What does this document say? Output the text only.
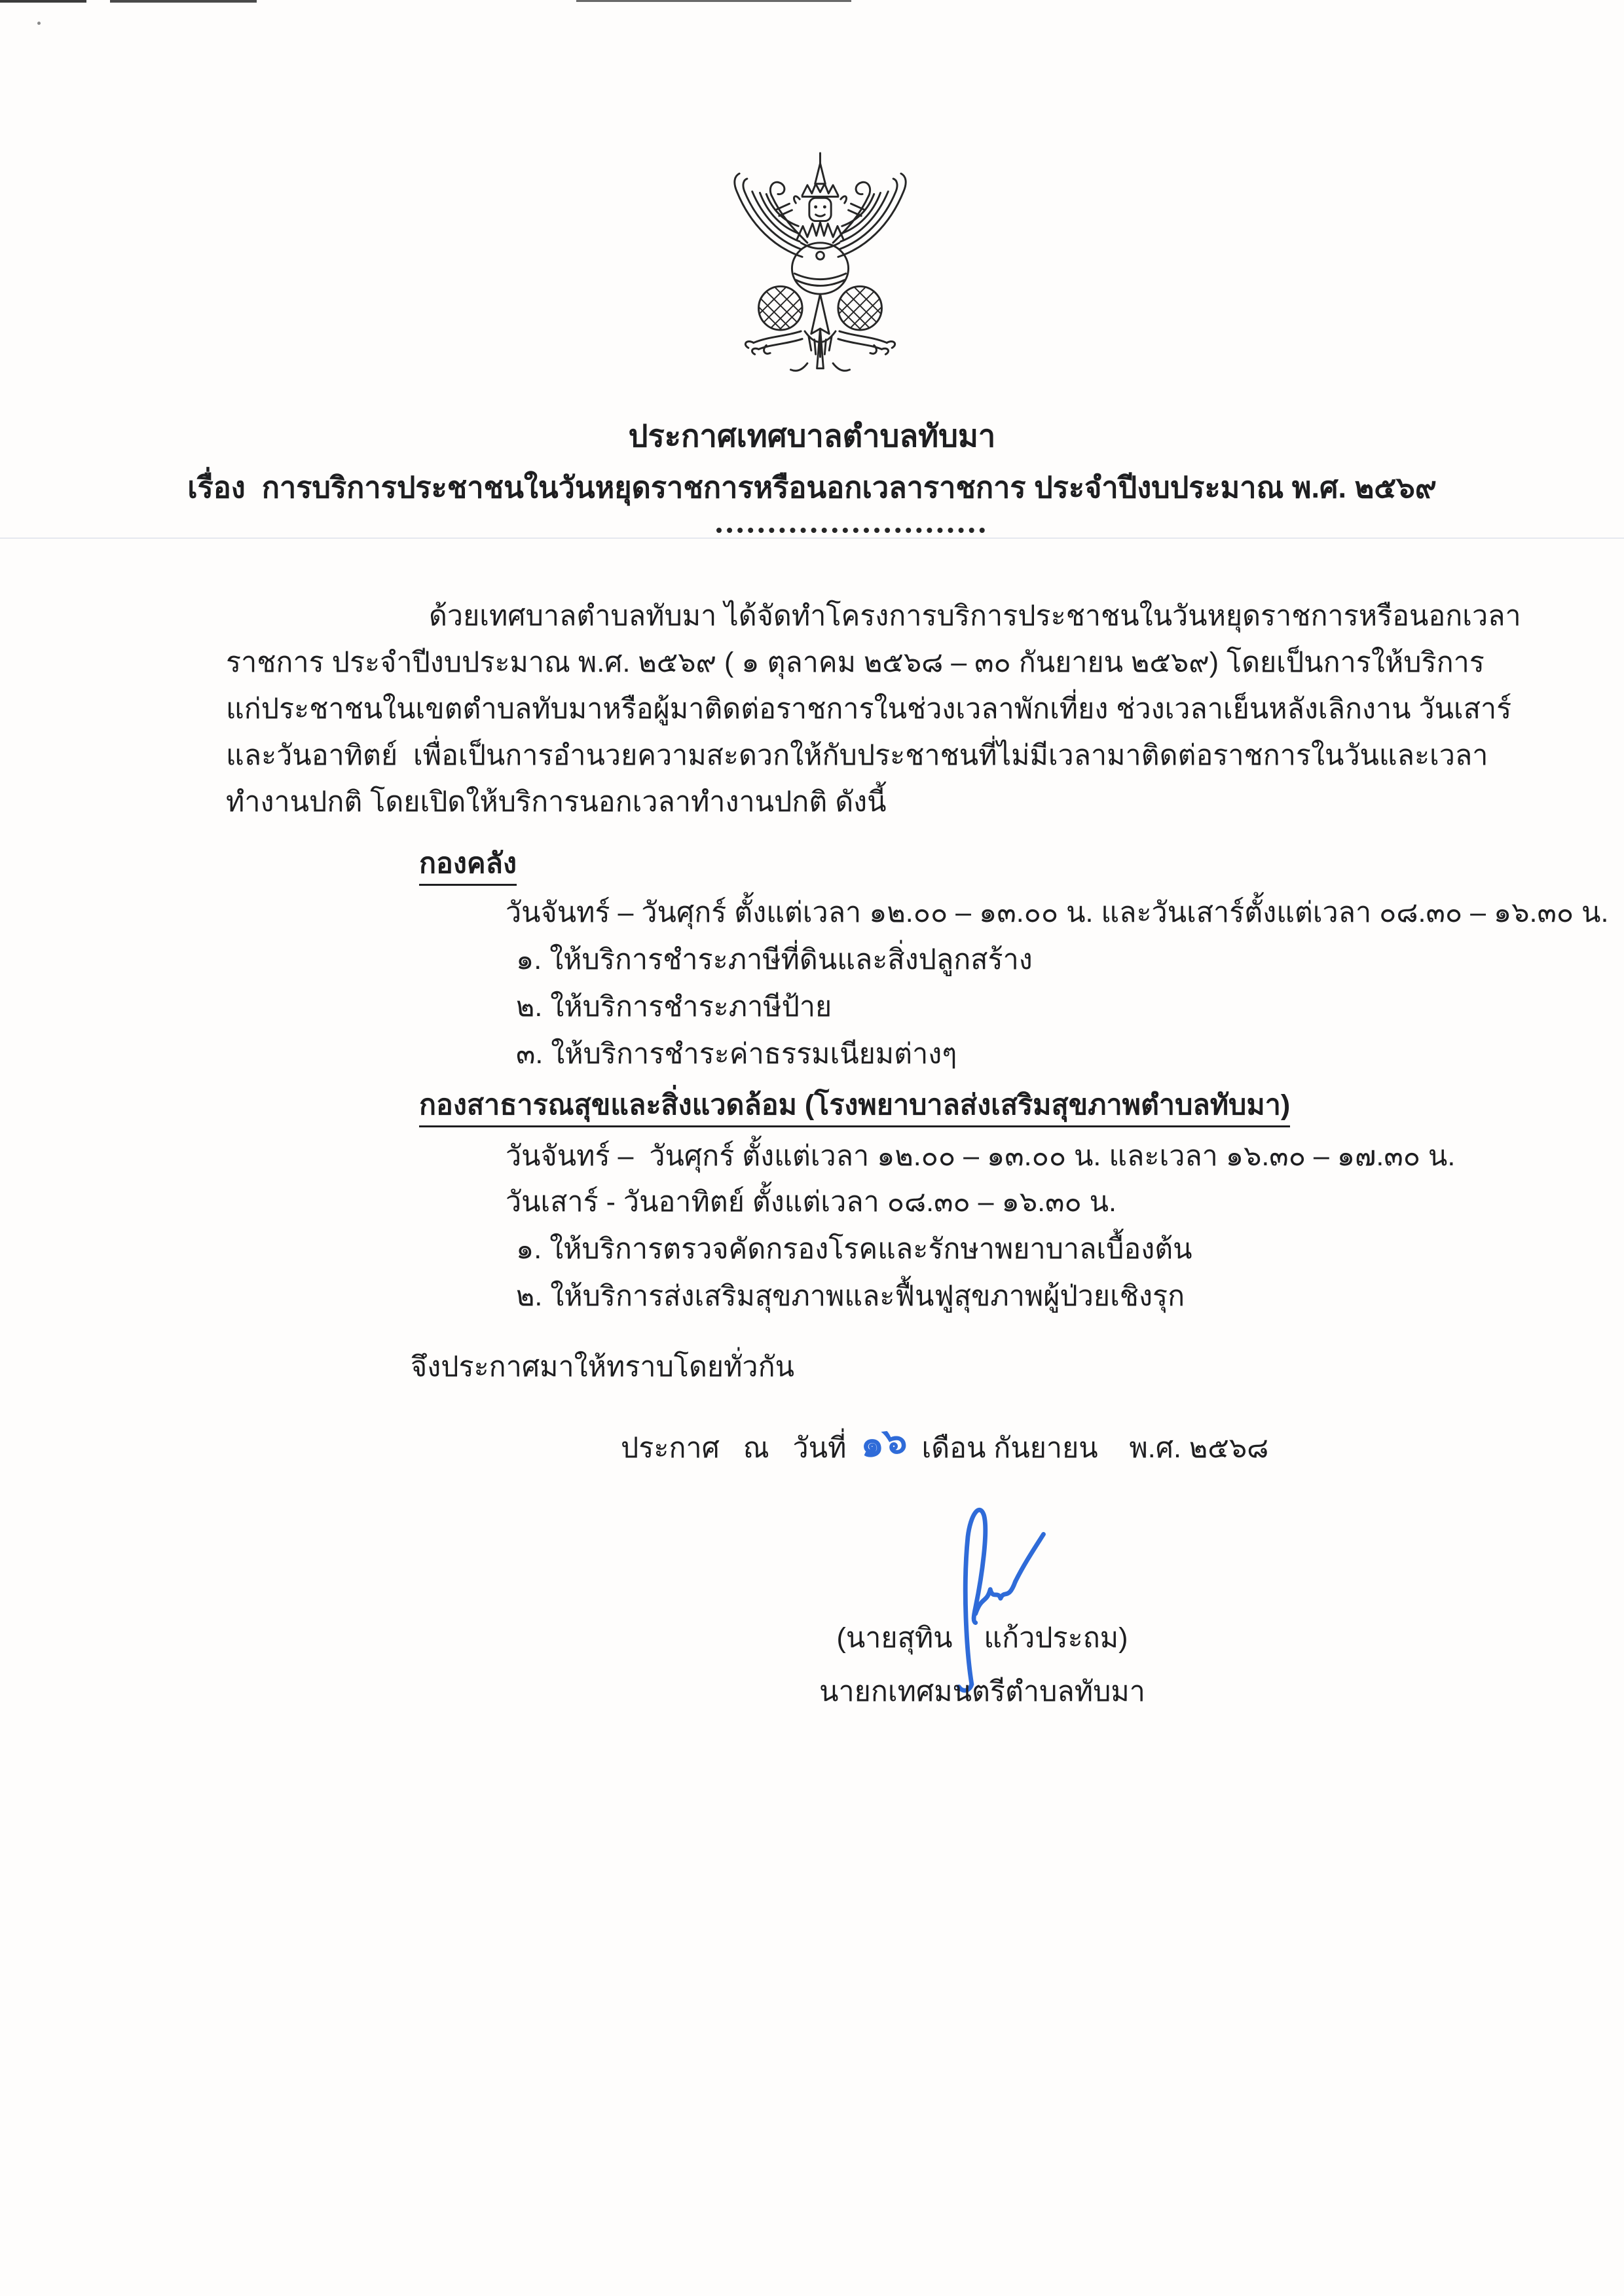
ประกาศเทศบาลตำบลทับมา
เรื่อง  การบริการประชาชนในวันหยุดราชการหรือนอกเวลาราชการ ประจำปีงบประมาณ พ.ศ. ๒๕๖๙
ด้วยเทศบาลตำบลทับมา ได้จัดทำโครงการบริการประชาชนในวันหยุดราชการหรือนอกเวลา
ราชการ ประจำปีงบประมาณ พ.ศ. ๒๕๖๙ ( ๑ ตุลาคม ๒๕๖๘ – ๓๐ กันยายน ๒๕๖๙) โดยเป็นการให้บริการ
แก่ประชาชนในเขตตำบลทับมาหรือผู้มาติดต่อราชการในช่วงเวลาพักเที่ยง ช่วงเวลาเย็นหลังเลิกงาน วันเสาร์
และวันอาทิตย์  เพื่อเป็นการอำนวยความสะดวกให้กับประชาชนที่ไม่มีเวลามาติดต่อราชการในวันและเวลา
ทำงานปกติ โดยเปิดให้บริการนอกเวลาทำงานปกติ ดังนี้
กองคลัง
วันจันทร์ – วันศุกร์ ตั้งแต่เวลา ๑๒.๐๐ – ๑๓.๐๐ น. และวันเสาร์ตั้งแต่เวลา ๐๘.๓๐ – ๑๖.๓๐ น.
๑. ให้บริการชำระภาษีที่ดินและสิ่งปลูกสร้าง
๒. ให้บริการชำระภาษีป้าย
๓. ให้บริการชำระค่าธรรมเนียมต่างๆ
กองสาธารณสุขและสิ่งแวดล้อม (โรงพยาบาลส่งเสริมสุขภาพตำบลทับมา)
วันจันทร์ –  วันศุกร์ ตั้งแต่เวลา ๑๒.๐๐ – ๑๓.๐๐ น. และเวลา ๑๖.๓๐ – ๑๗.๓๐ น.
วันเสาร์ - วันอาทิตย์ ตั้งแต่เวลา ๐๘.๓๐ – ๑๖.๓๐ น.
๑. ให้บริการตรวจคัดกรองโรคและรักษาพยาบาลเบื้องต้น
๒. ให้บริการส่งเสริมสุขภาพและฟื้นฟูสุขภาพผู้ป่วยเชิงรุก
จึงประกาศมาให้ทราบโดยทั่วกัน
ประกาศ   ณ   วันที่ ๑๖ เดือน กันยายน    พ.ศ. ๒๕๖๘
(นายสุทิน    แก้วประถม)
นายกเทศมนตรีตำบลทับมา
